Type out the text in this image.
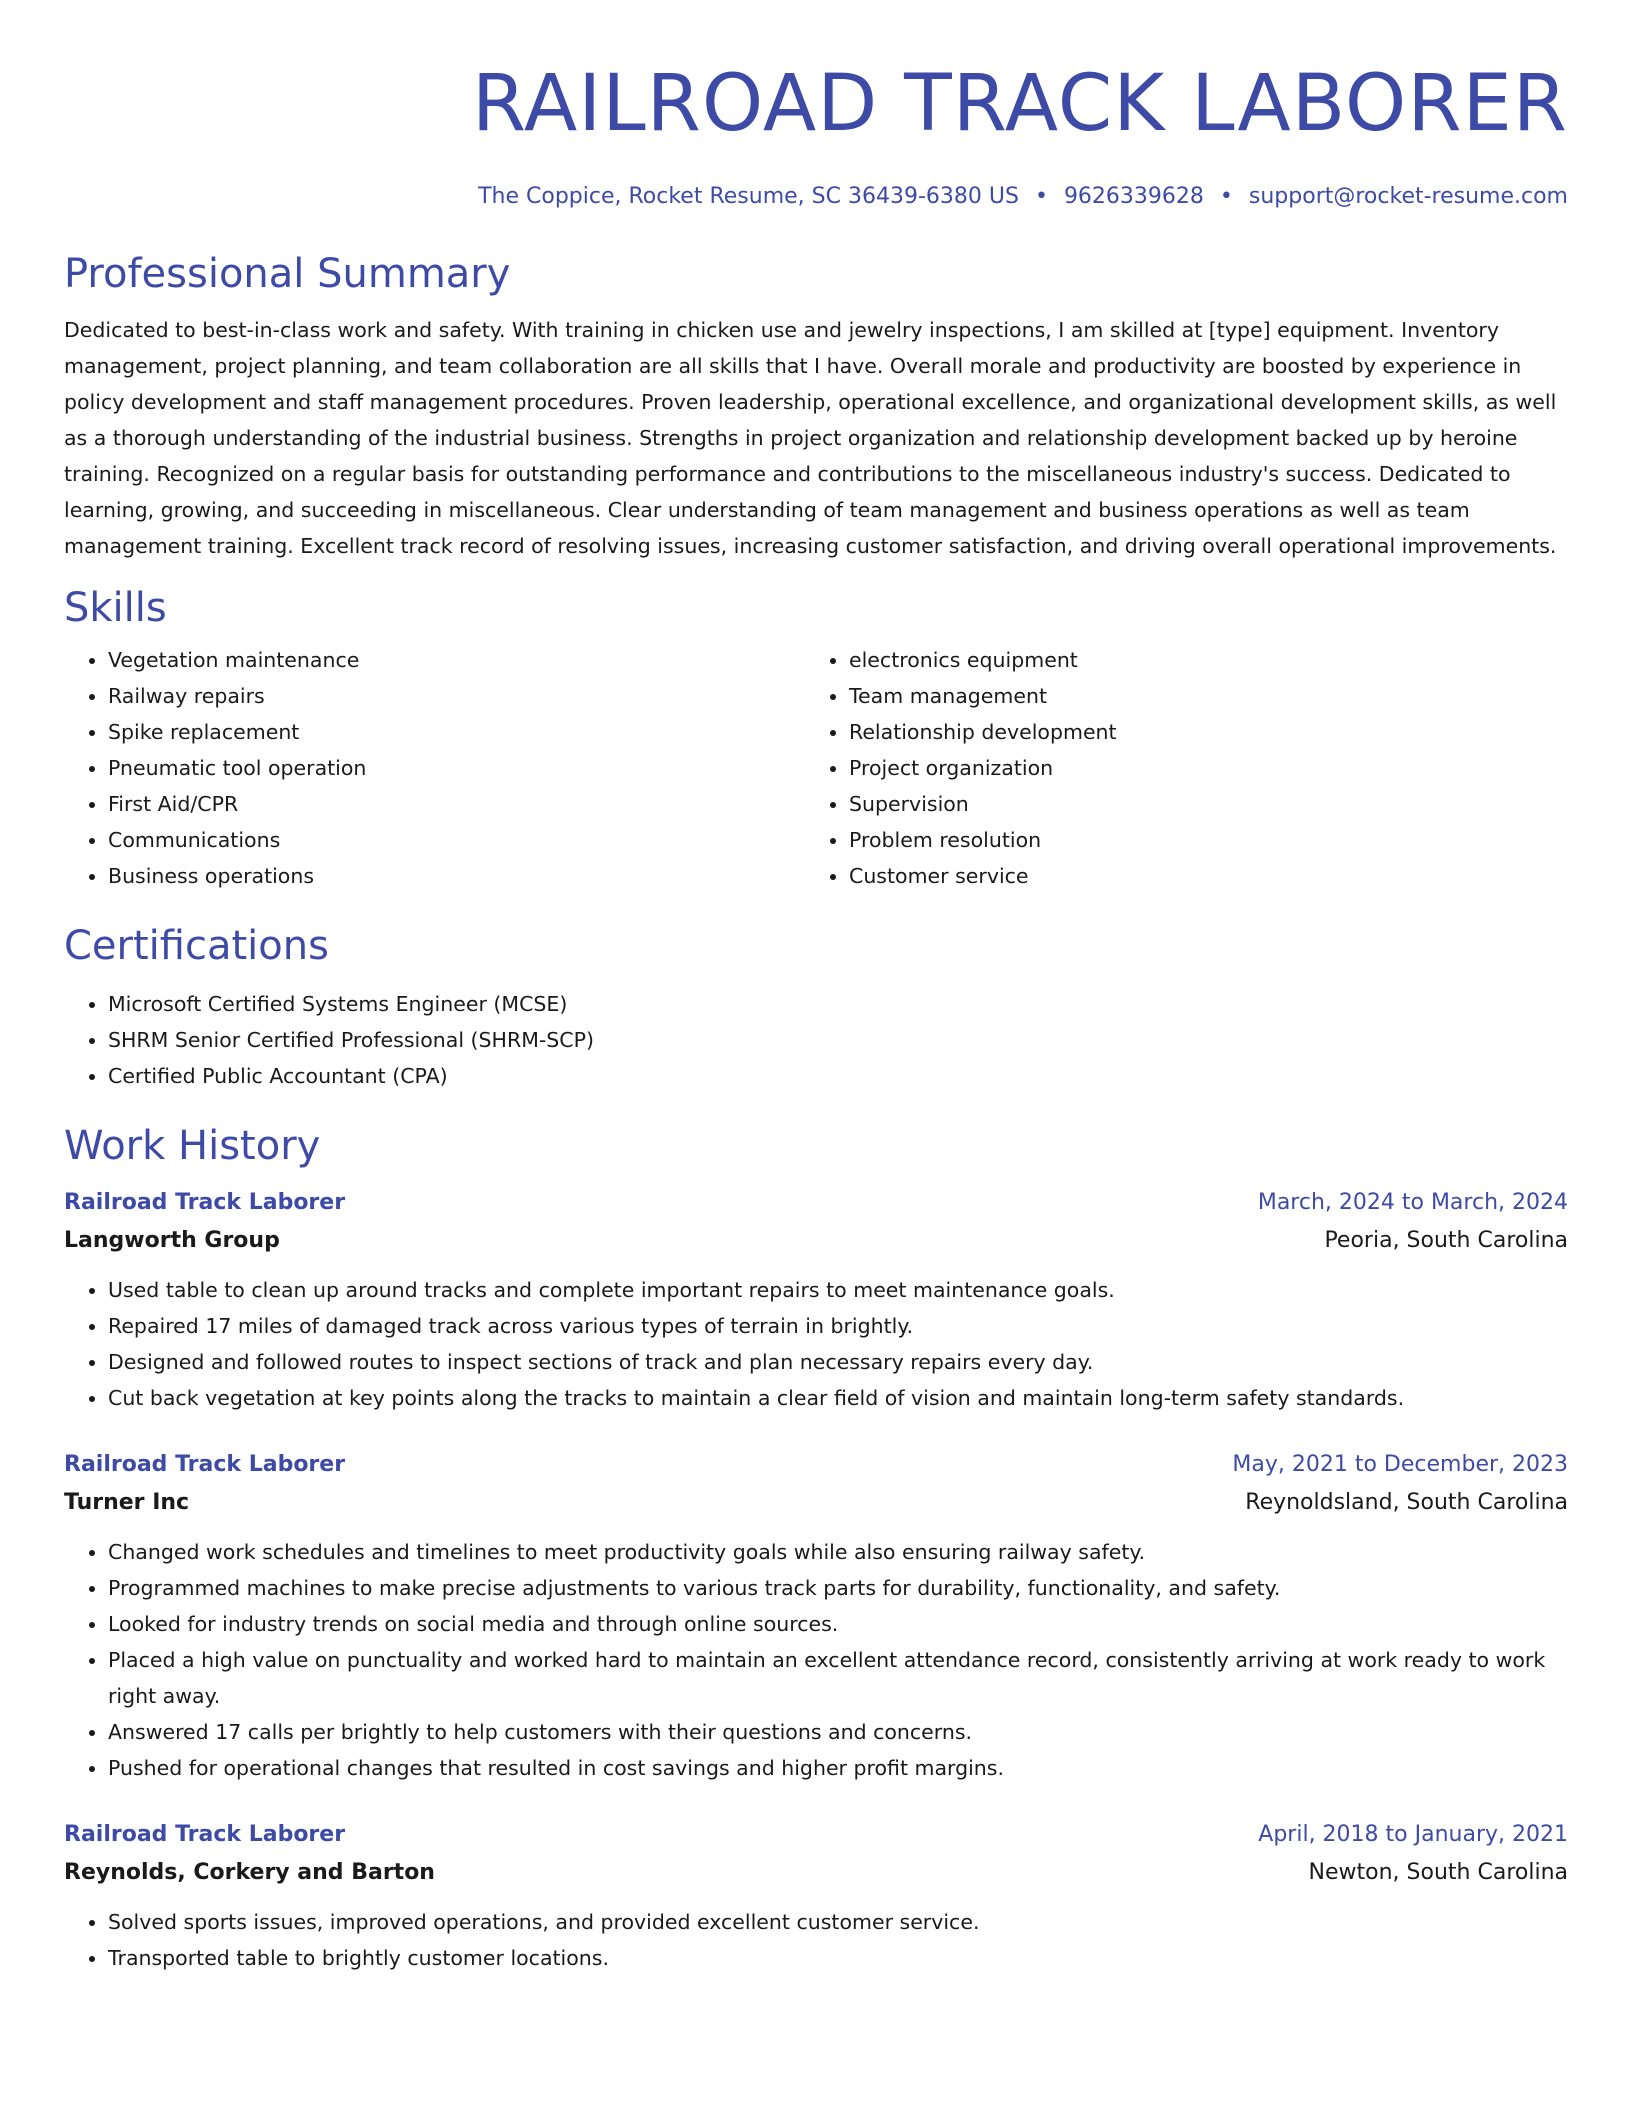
RAILROAD TRACK LABORER
The Coppice, Rocket Resume, SC 36439-6380 US • 9626339628 • support@rocket-resume.com
Professional Summary
Dedicated to best-in-class work and safety. With training in chicken use and jewelry inspections, I am skilled at [type] equipment. Inventory management, project planning, and team collaboration are all skills that I have. Overall morale and productivity are boosted by experience in policy development and staff management procedures. Proven leadership, operational excellence, and organizational development skills, as well as a thorough understanding of the industrial business. Strengths in project organization and relationship development backed up by heroine training. Recognized on a regular basis for outstanding performance and contributions to the miscellaneous industry's success. Dedicated to learning, growing, and succeeding in miscellaneous. Clear understanding of team management and business operations as well as team management training. Excellent track record of resolving issues, increasing customer satisfaction, and driving overall operational improvements.
Skills
• Vegetation maintenance
• Railway repairs
• Spike replacement
• Pneumatic tool operation
• First Aid/CPR
• Communications
• Business operations
• electronics equipment
• Team management
• Relationship development
• Project organization
• Supervision
• Problem resolution
• Customer service
Certifications
• Microsoft Certified Systems Engineer (MCSE)
• SHRM Senior Certified Professional (SHRM-SCP)
• Certified Public Accountant (CPA)
Work History
Railroad Track Laborer	March, 2024 to March, 2024
Langworth Group	Peoria, South Carolina
• Used table to clean up around tracks and complete important repairs to meet maintenance goals.
• Repaired 17 miles of damaged track across various types of terrain in brightly.
• Designed and followed routes to inspect sections of track and plan necessary repairs every day.
• Cut back vegetation at key points along the tracks to maintain a clear field of vision and maintain long-term safety standards.
Railroad Track Laborer	May, 2021 to December, 2023
Turner Inc	Reynoldsland, South Carolina
• Changed work schedules and timelines to meet productivity goals while also ensuring railway safety.
• Programmed machines to make precise adjustments to various track parts for durability, functionality, and safety.
• Looked for industry trends on social media and through online sources.
• Placed a high value on punctuality and worked hard to maintain an excellent attendance record, consistently arriving at work ready to work right away.
• Answered 17 calls per brightly to help customers with their questions and concerns.
• Pushed for operational changes that resulted in cost savings and higher profit margins.
Railroad Track Laborer	April, 2018 to January, 2021
Reynolds, Corkery and Barton	Newton, South Carolina
• Solved sports issues, improved operations, and provided excellent customer service.
• Transported table to brightly customer locations.
